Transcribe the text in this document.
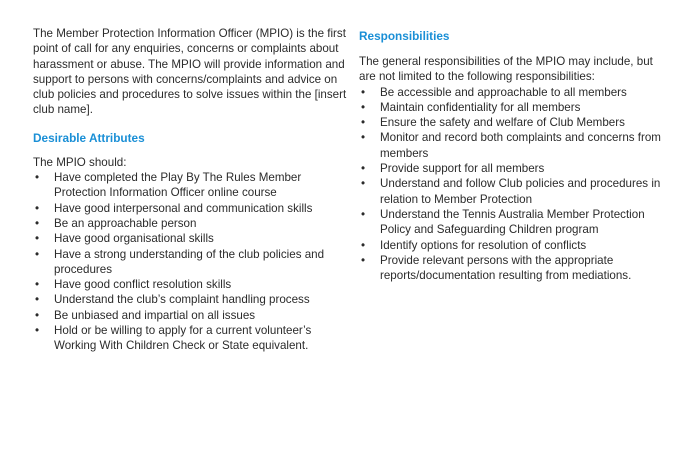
The Member Protection Information Officer (MPIO) is the first point of call for any enquiries, concerns or complaints about harassment or abuse. The MPIO will provide information and support to persons with concerns/complaints and advice on club policies and procedures to solve issues within the [insert club name].

Desirable Attributes

The MPIO should:

• Have completed the Play By The Rules Member Protection Information Officer online course
• Have good interpersonal and communication skills
• Be an approachable person
• Have good organisational skills
• Have a strong understanding of the club policies and procedures
• Have good conflict resolution skills
• Understand the club’s complaint handling process
• Be unbiased and impartial on all issues
• Hold or be willing to apply for a current volunteer’s Working With Children Check or State equivalent.
Responsibilities

The general responsibilities of the MPIO may include, but are not limited to the following responsibilities:

• Be accessible and approachable to all members
• Maintain confidentiality for all members
• Ensure the safety and welfare of Club Members
• Monitor and record both complaints and concerns from members
• Provide support for all members
• Understand and follow Club policies and procedures in relation to Member Protection
• Understand the Tennis Australia Member Protection Policy and Safeguarding Children program
• Identify options for resolution of conflicts
• Provide relevant persons with the appropriate reports/documentation resulting from mediations.
